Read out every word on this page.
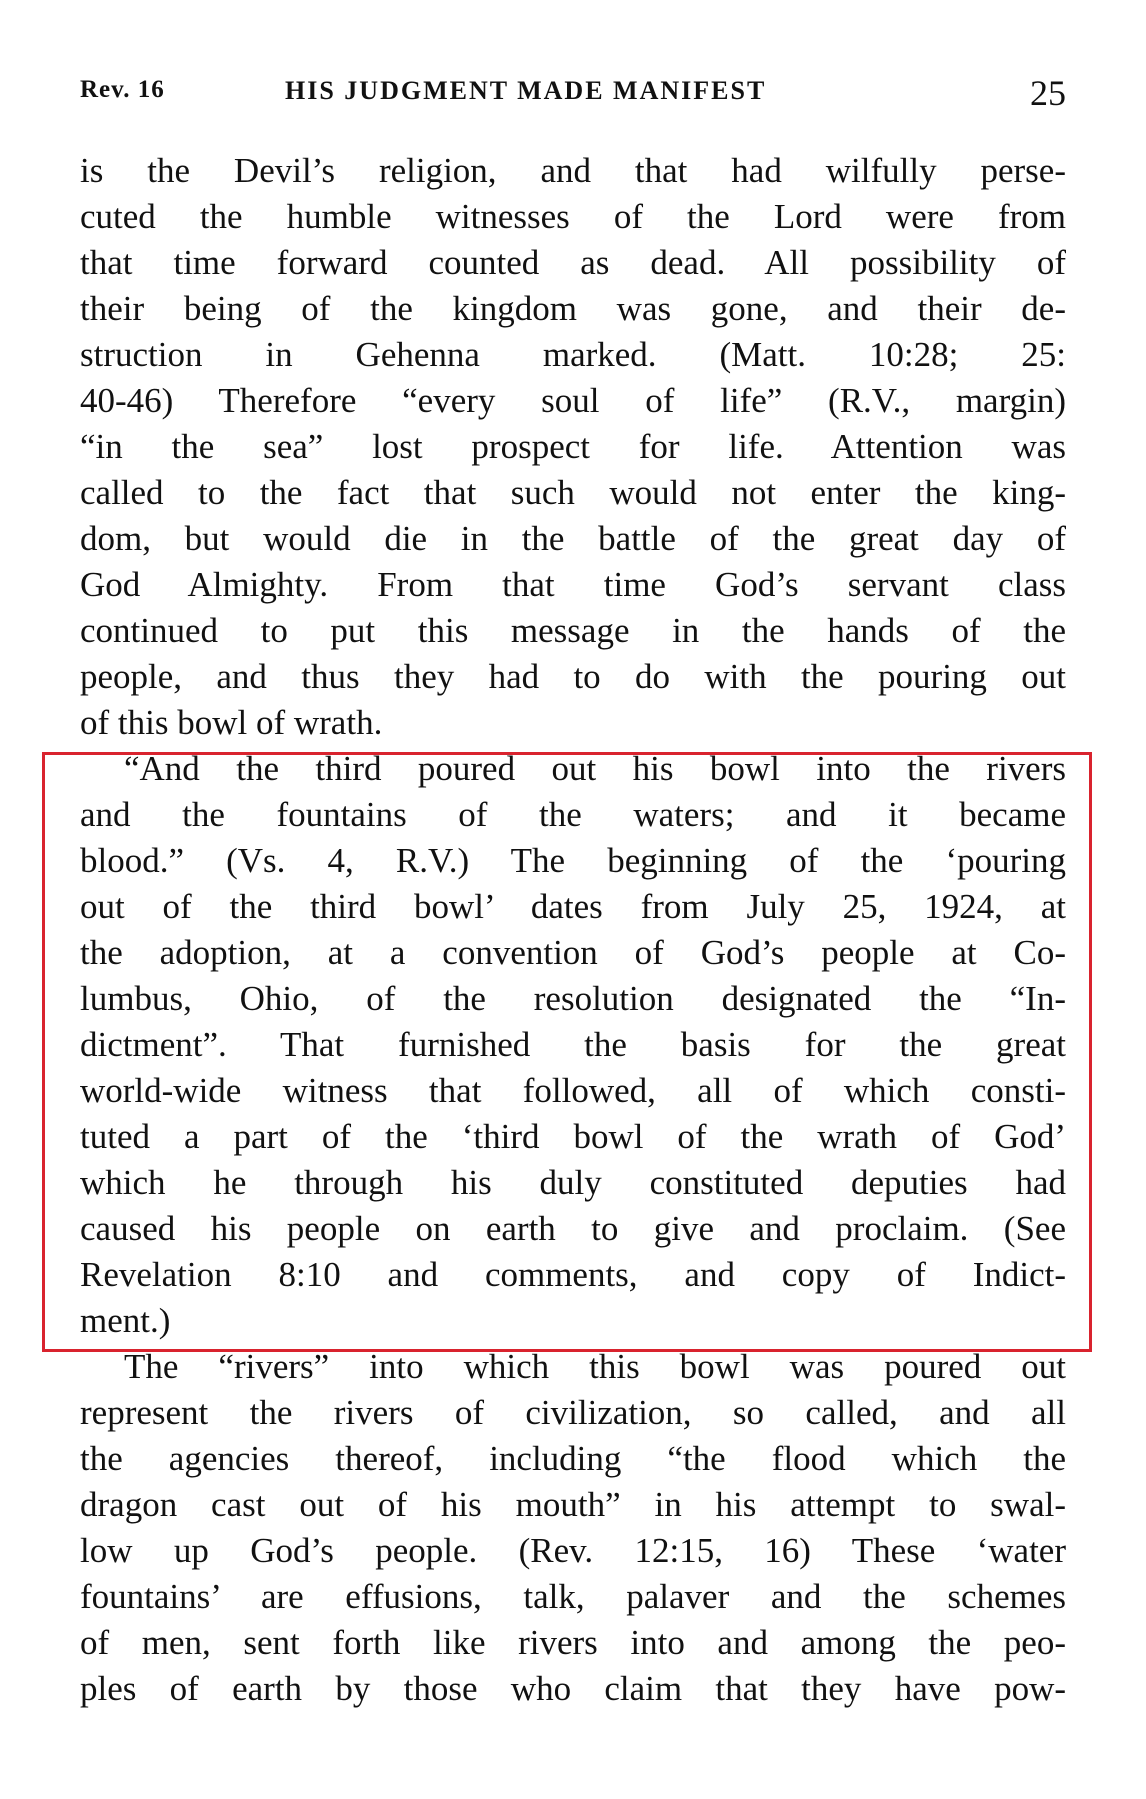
Rev. 16	HIS JUDGMENT MADE MANIFEST	25
is the Devil’s religion, and that had wilfully perse-
cuted the humble witnesses of the Lord were from
that time forward counted as dead. All possibility of
their being of the kingdom was gone, and their de-
struction in Gehenna marked. (Matt. 10:28; 25:
40-46) Therefore “every soul of life” (R.V., margin)
“in the sea” lost prospect for life. Attention was
called to the fact that such would not enter the king-
dom, but would die in the battle of the great day of
God Almighty. From that time God’s servant class
continued to put this message in the hands of the
people, and thus they had to do with the pouring out
of this bowl of wrath.
“And the third poured out his bowl into the rivers
and the fountains of the waters; and it became
blood.” (Vs. 4, R.V.) The beginning of the ‘pouring
out of the third bowl’ dates from July 25, 1924, at
the adoption, at a convention of God’s people at Co-
lumbus, Ohio, of the resolution designated the “In-
dictment”. That furnished the basis for the great
world-wide witness that followed, all of which consti-
tuted a part of the ‘third bowl of the wrath of God’
which he through his duly constituted deputies had
caused his people on earth to give and proclaim. (See
Revelation 8:10 and comments, and copy of Indict-
ment.)
The “rivers” into which this bowl was poured out
represent the rivers of civilization, so called, and all
the agencies thereof, including “the flood which the
dragon cast out of his mouth” in his attempt to swal-
low up God’s people. (Rev. 12:15, 16) These ‘water
fountains’ are effusions, talk, palaver and the schemes
of men, sent forth like rivers into and among the peo-
ples of earth by those who claim that they have pow-
